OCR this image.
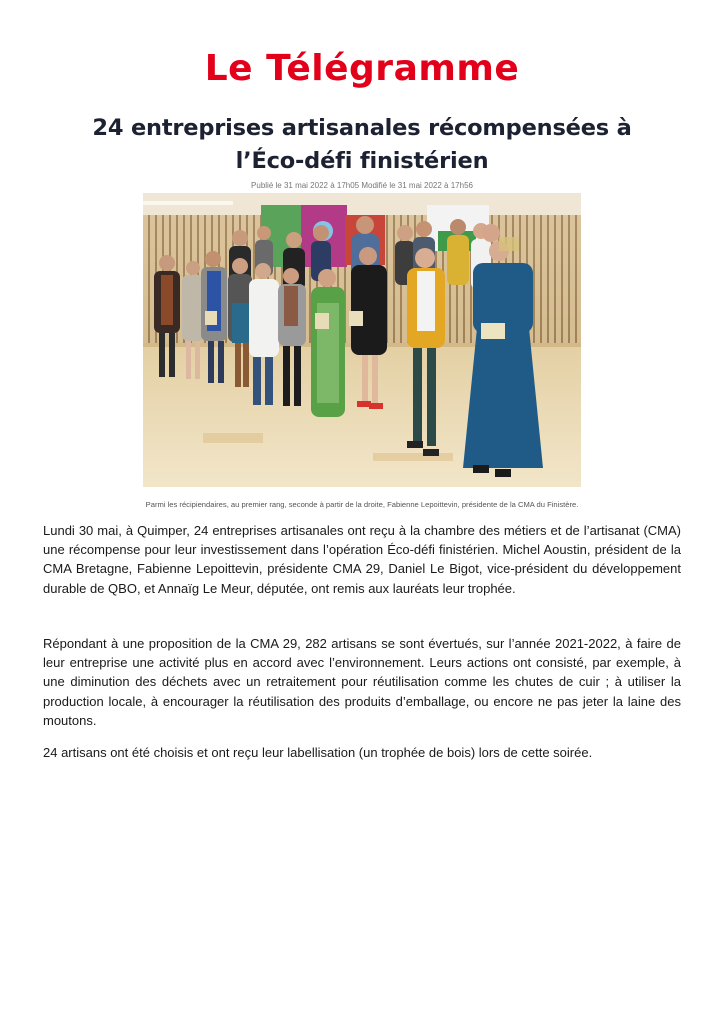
Le Télégramme
24 entreprises artisanales récompensées à l’Éco-défi finistérien
Publié le 31 mai 2022 à 17h05 Modifié le 31 mai 2022 à 17h56
Parmi les récipiendaires, au premier rang, seconde à partir de la droite, Fabienne Lepoittevin, présidente de la CMA du Finistère.

Lundi 30 mai, à Quimper, 24 entreprises artisanales ont reçu à la chambre des métiers et de l’artisanat (CMA) une récompense pour leur investissement dans l’opération Éco-défi finistérien. Michel Aoustin, président de la CMA Bretagne, Fabienne Lepoittevin, présidente CMA 29, Daniel Le Bigot, vice-président du développement durable de QBO, et Annaïg Le Meur, députée, ont remis aux lauréats leur trophée.

Répondant à une proposition de la CMA 29, 282 artisans se sont évertués, sur l’année 2021-2022, à faire de leur entreprise une activité plus en accord avec l’environnement. Leurs actions ont consisté, par exemple, à une diminution des déchets avec un retraitement pour réutilisation comme les chutes de cuir ; à utiliser la production locale, à encourager la réutilisation des produits d’emballage, ou encore ne pas jeter la laine des moutons.

24 artisans ont été choisis et ont reçu leur labellisation (un trophée de bois) lors de cette soirée.
